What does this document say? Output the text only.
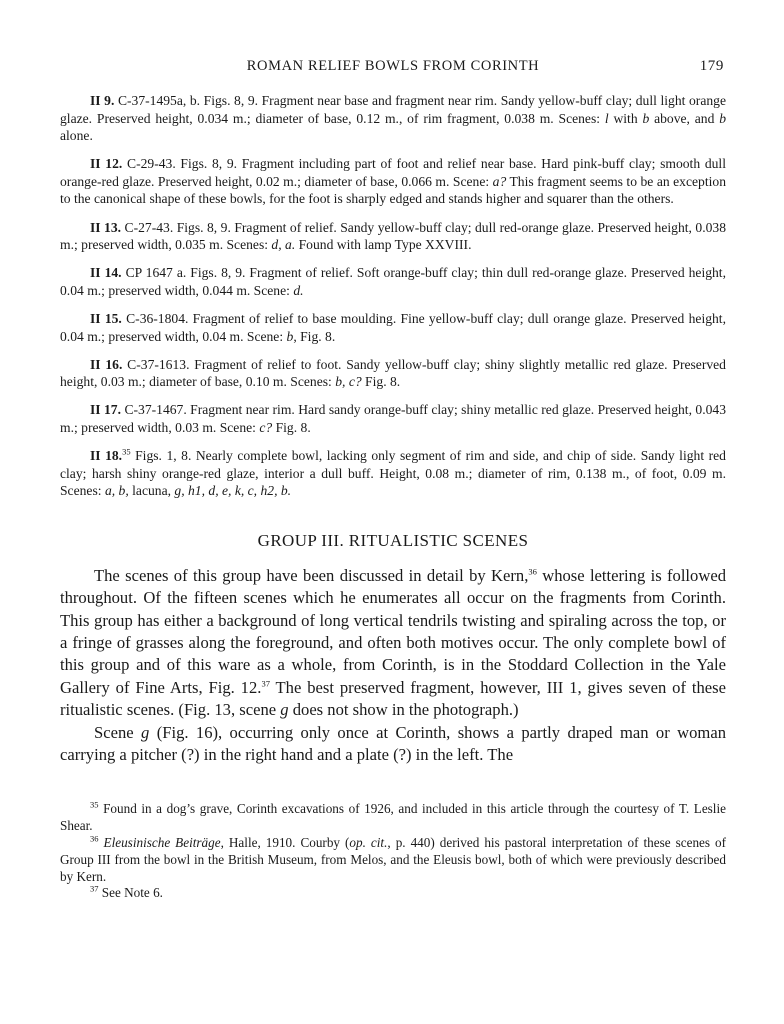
ROMAN RELIEF BOWLS FROM CORINTH	179

II 9. C-37-1495a, b. Figs. 8, 9. Fragment near base and fragment near rim. Sandy yellow-buff clay; dull light orange glaze. Preserved height, 0.034 m.; diameter of base, 0.12 m., of rim fragment, 0.038 m. Scenes: l with b above, and b alone.

II 12. C-29-43. Figs. 8, 9. Fragment including part of foot and relief near base. Hard pink-buff clay; smooth dull orange-red glaze. Preserved height, 0.02 m.; diameter of base, 0.066 m. Scene: a? This fragment seems to be an exception to the canonical shape of these bowls, for the foot is sharply edged and stands higher and squarer than the others.

II 13. C-27-43. Figs. 8, 9. Fragment of relief. Sandy yellow-buff clay; dull red-orange glaze. Preserved height, 0.038 m.; preserved width, 0.035 m. Scenes: d, a. Found with lamp Type XXVIII.

II 14. CP 1647 a. Figs. 8, 9. Fragment of relief. Soft orange-buff clay; thin dull red-orange glaze. Preserved height, 0.04 m.; preserved width, 0.044 m. Scene: d.

II 15. C-36-1804. Fragment of relief to base moulding. Fine yellow-buff clay; dull orange glaze. Preserved height, 0.04 m.; preserved width, 0.04 m. Scene: b, Fig. 8.

II 16. C-37-1613. Fragment of relief to foot. Sandy yellow-buff clay; shiny slightly metallic red glaze. Preserved height, 0.03 m.; diameter of base, 0.10 m. Scenes: b, c? Fig. 8.

II 17. C-37-1467. Fragment near rim. Hard sandy orange-buff clay; shiny metallic red glaze. Preserved height, 0.043 m.; preserved width, 0.03 m. Scene: c? Fig. 8.

II 18.35 Figs. 1, 8. Nearly complete bowl, lacking only segment of rim and side, and chip of side. Sandy light red clay; harsh shiny orange-red glaze, interior a dull buff. Height, 0.08 m.; diameter of rim, 0.138 m., of foot, 0.09 m. Scenes: a, b, lacuna, g, h1, d, e, k, c, h2, b.

GROUP III. RITUALISTIC SCENES

The scenes of this group have been discussed in detail by Kern,$^{36}$ whose lettering is followed throughout. Of the fifteen scenes which he enumerates all occur on the fragments from Corinth. This group has either a background of long vertical tendrils twisting and spiraling across the top, or a fringe of grasses along the foreground, and often both motives occur. The only complete bowl of this group and of this ware as a whole, from Corinth, is in the Stoddard Collection in the Yale Gallery of Fine Arts, Fig. 12.37 The best preserved fragment, however, III 1, gives seven of these ritualistic scenes. (Fig. 13, scene g does not show in the photograph.)

Scene g (Fig. 16), occurring only once at Corinth, shows a partly draped man or woman carrying a pitcher (?) in the right hand and a plate (?) in the left. The

$^{35}$ Found in a dog’s grave, Corinth excavations of 1926, and included in this article through the courtesy of T. Leslie Shear.

$^{36}$ Eleusinische Beiträge, Halle, 1910. Courby (op. cit., p. 440) derived his pastoral interpretation of these scenes of Group III from the bowl in the British Museum, from Melos, and the Eleusis bowl, both of which were previously described by Kern.

$^{37}$ See Note 6.
